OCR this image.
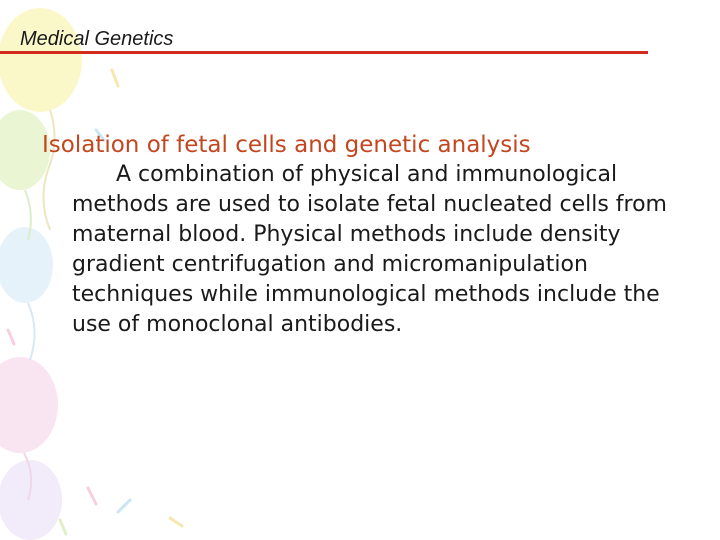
Medical Genetics

Isolation of fetal cells and genetic analysis

A combination of physical and immunological methods are used to isolate fetal nucleated cells from maternal blood. Physical methods include density gradient centrifugation and micromanipulation techniques while immunological methods include the use of monoclonal antibodies.
